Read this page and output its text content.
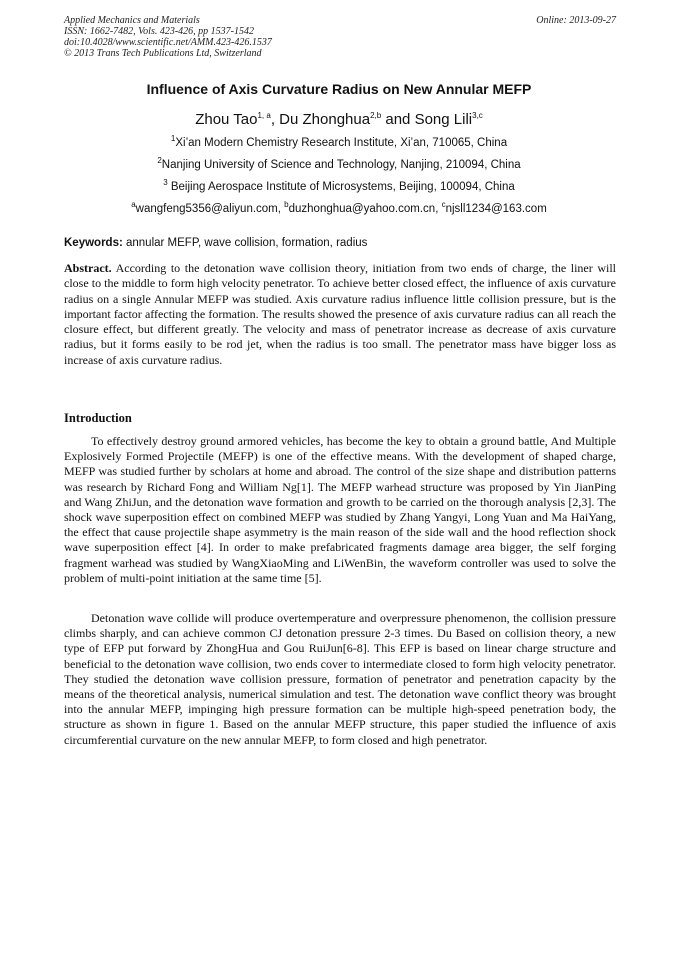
Applied Mechanics and Materials
ISSN: 1662-7482, Vols. 423-426, pp 1537-1542
doi:10.4028/www.scientific.net/AMM.423-426.1537
© 2013 Trans Tech Publications Ltd, Switzerland
Online: 2013-09-27
Influence of Axis Curvature Radius on New Annular MEFP
Zhou Tao$^{1, a}$, Du Zhonghua$^{2,b}$ and Song Lili$^{3,c}$
$^1$Xi’an Modern Chemistry Research Institute, Xi’an, 710065, China
$^2$Nanjing University of Science and Technology, Nanjing, 210094, China
$^3$ Beijing Aerospace Institute of Microsystems, Beijing, 100094, China
$^a$wangfeng5356@aliyun.com, $^b$duzhonghua@yahoo.com.cn, $^c$njsll1234@163.com
Keywords: annular MEFP, wave collision, formation, radius

Abstract. According to the detonation wave collision theory, initiation from two ends of charge, the liner will close to the middle to form high velocity penetrator. To achieve better closed effect, the influence of axis curvature radius on a single Annular MEFP was studied. Axis curvature radius influence little collision pressure, but is the important factor affecting the formation. The results showed the presence of axis curvature radius can all reach the closure effect, but different greatly. The velocity and mass of penetrator increase as decrease of axis curvature radius, but it forms easily to be rod jet, when the radius is too small. The penetrator mass have bigger loss as increase of axis curvature radius.

Introduction

To effectively destroy ground armored vehicles, has become the key to obtain a ground battle, And Multiple Explosively Formed Projectile (MEFP) is one of the effective means. With the development of shaped charge, MEFP was studied further by scholars at home and abroad. The control of the size shape and distribution patterns was research by Richard Fong and William Ng[1]. The MEFP warhead structure was proposed by Yin JianPing and Wang ZhiJun, and the detonation wave formation and growth to be carried on the thorough analysis [2,3]. The shock wave superposition effect on combined MEFP was studied by Zhang Yangyi, Long Yuan and Ma HaiYang, the effect that cause projectile shape asymmetry is the main reason of the side wall and the hood reflection shock wave superposition effect [4]. In order to make prefabricated fragments damage area bigger, the self forging fragment warhead was studied by WangXiaoMing and LiWenBin, the waveform controller was used to solve the problem of multi-point initiation at the same time [5].

Detonation wave collide will produce overtemperature and overpressure phenomenon, the collision pressure climbs sharply, and can achieve common CJ detonation pressure 2-3 times. Du Based on collision theory, a new type of EFP put forward by ZhongHua and Gou RuiJun[6-8]. This EFP is based on linear charge structure and beneficial to the detonation wave collision, two ends cover to intermediate closed to form high velocity penetrator. They studied the detonation wave collision pressure, formation of penetrator and penetration capacity by the means of the theoretical analysis, numerical simulation and test. The detonation wave conflict theory was brought into the annular MEFP, impinging high pressure formation can be multiple high-speed penetration body, the structure as shown in figure 1. Based on the annular MEFP structure, this paper studied the influence of axis circumferential curvature on the new annular MEFP, to form closed and high penetrator.
